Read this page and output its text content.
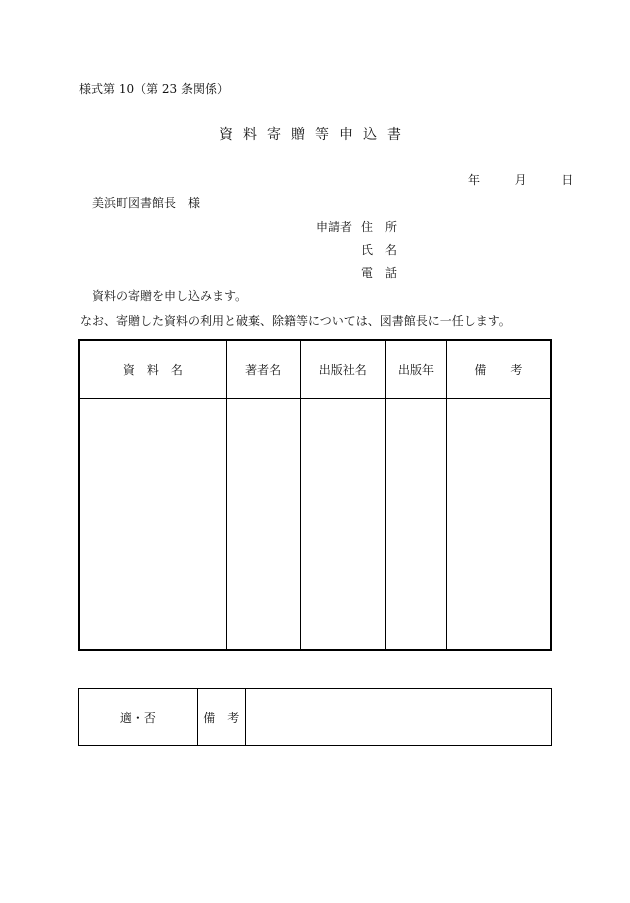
様式第 10（第 23 条関係）
資料寄贈等申込書
年	月	日
美浜町図書館長　様
申請者 住　所
氏　名
電　話
資料の寄贈を申し込みます。
なお、寄贈した資料の利用と破棄、除籍等については、図書館長に一任します。
資　料　名	著者名	出版社名	出版年	備　　考

適・否	備　考	
